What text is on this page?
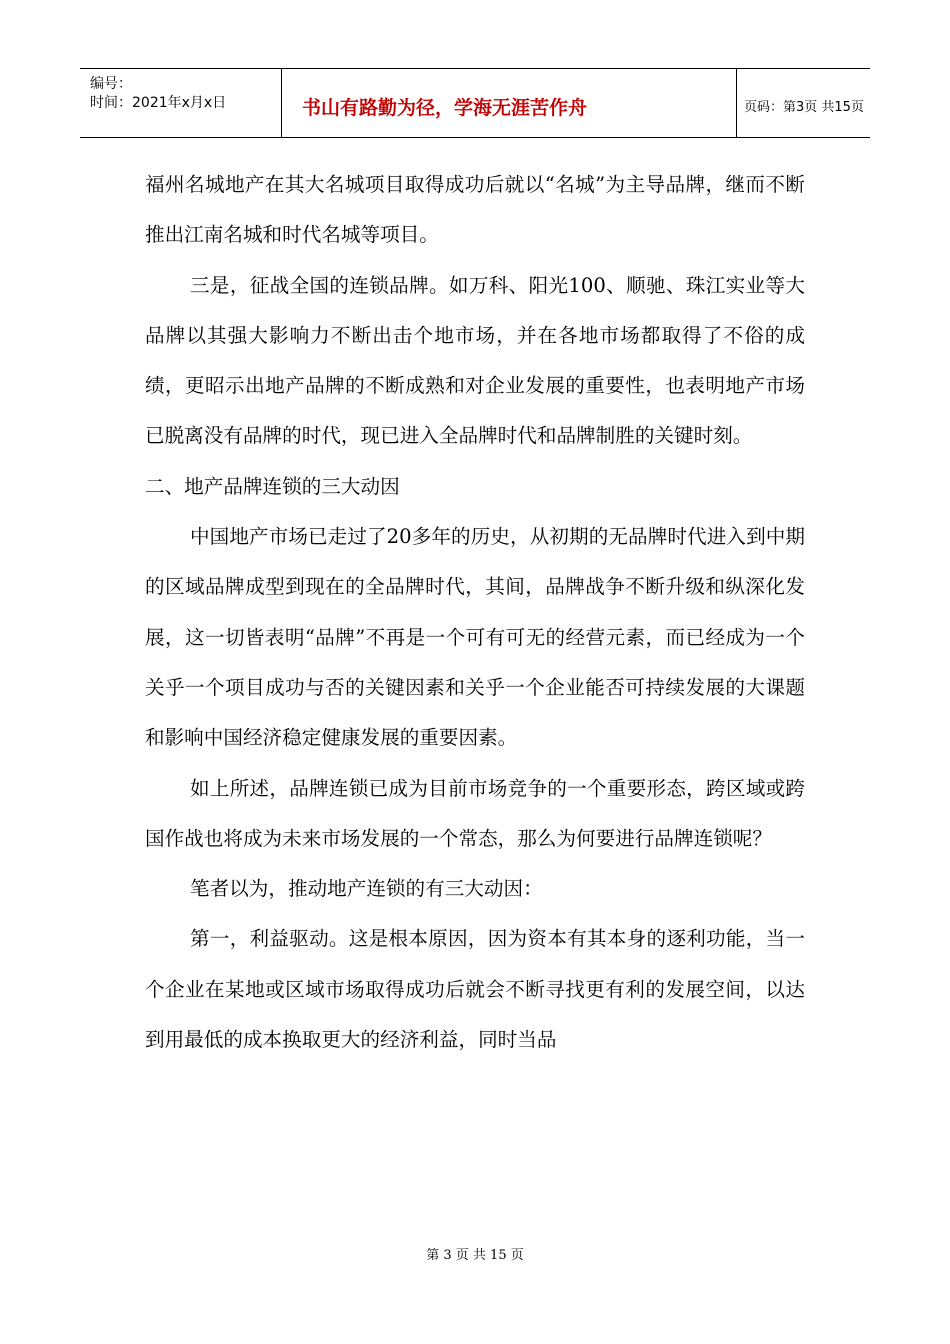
编号：
时间：2021年x月x日	书山有路勤为径，学海无涯苦作舟	页码：第3页 共15页

福州名城地产在其大名城项目取得成功后就以“名城”为主导品牌，继而不断推出江南名城和时代名城等项目。

三是，征战全国的连锁品牌。如万科、阳光100、顺驰、珠江实业等大品牌以其强大影响力不断出击个地市场，并在各地市场都取得了不俗的成绩，更昭示出地产品牌的不断成熟和对企业发展的重要性，也表明地产市场已脱离没有品牌的时代，现已进入全品牌时代和品牌制胜的关键时刻。

二、地产品牌连锁的三大动因

中国地产市场已走过了20多年的历史，从初期的无品牌时代进入到中期的区域品牌成型到现在的全品牌时代，其间，品牌战争不断升级和纵深化发展，这一切皆表明“品牌”不再是一个可有可无的经营元素，而已经成为一个关乎一个项目成功与否的关键因素和关乎一个企业能否可持续发展的大课题和影响中国经济稳定健康发展的重要因素。

如上所述，品牌连锁已成为目前市场竞争的一个重要形态，跨区域或跨国作战也将成为未来市场发展的一个常态，那么为何要进行品牌连锁呢？

笔者以为，推动地产连锁的有三大动因：

第一，利益驱动。这是根本原因，因为资本有其本身的逐利功能，当一个企业在某地或区域市场取得成功后就会不断寻找更有利的发展空间，以达到用最低的成本换取更大的经济利益，同时当品

第 3 页 共 15 页
